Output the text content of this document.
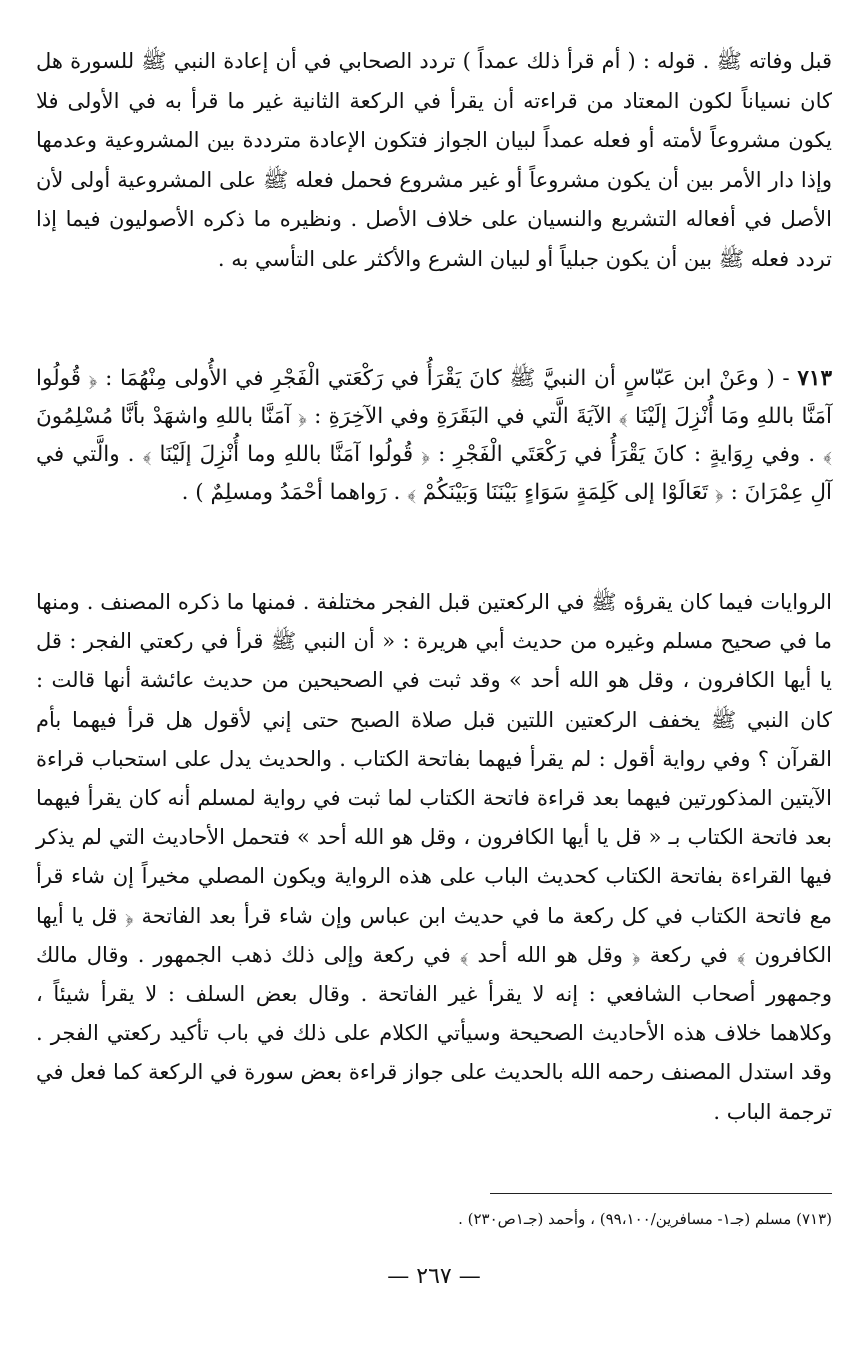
قبل وفاته ﷺ . قوله : ( أم قرأ ذلك عمداً ) تردد الصحابي في أن إعادة النبي ﷺ للسورة هل كان نسياناً لكون المعتاد من قراءته أن يقرأ في الركعة الثانية غير ما قرأ به في الأولى فلا يكون مشروعاً لأمته أو فعله عمداً لبيان الجواز فتكون الإعادة مترددة بين المشروعية وعدمها وإذا دار الأمر بين أن يكون مشروعاً أو غير مشروع فحمل فعله ﷺ على المشروعية أولى لأن الأصل في أفعاله التشريع والنسيان على خلاف الأصل . ونظيره ما ذكره الأصوليون فيما إذا تردد فعله ﷺ بين أن يكون جبلياً أو لبيان الشرع والأكثر على التأسي به .

٧١٣ - ( وعَنْ ابن عَبّاسٍ أن النبيَّ ﷺ كانَ يَقْرَأُ في رَكْعَتي الْفَجْرِ في الأُولى مِنْهُمَا : ﴿ قُولُوا آمَنَّا باللهِ ومَا أُنْزِلَ إلَيْنَا ﴾ الآيَةَ الَّتي في البَقَرَةِ وفي الآخِرَةِ : ﴿ آمَنَّا باللهِ واشهَدْ بأنَّا مُسْلِمُونَ ﴾ . وفي رِوَايةٍ : كانَ يَقْرَأُ في رَكْعَتَي الْفَجْرِ : ﴿ قُولُوا آمَنَّا باللهِ وما أُنْزِلَ إلَيْنَا ﴾ . والَّتي في آلِ عِمْرَانَ : ﴿ تَعَالَوْا إلى كَلِمَةٍ سَوَاءٍ بَيْنَنَا وَبَيْنَكُمْ ﴾ . رَواهما أحْمَدُ ومسلِمٌ ) .

الروايات فيما كان يقرؤه ﷺ في الركعتين قبل الفجر مختلفة . فمنها ما ذكره المصنف . ومنها ما في صحيح مسلم وغيره من حديث أبي هريرة : « أن النبي ﷺ قرأ في ركعتي الفجر : قل يا أيها الكافرون ، وقل هو الله أحد » وقد ثبت في الصحيحين من حديث عائشة أنها قالت : كان النبي ﷺ يخفف الركعتين اللتين قبل صلاة الصبح حتى إني لأقول هل قرأ فيهما بأم القرآن ؟ وفي رواية أقول : لم يقرأ فيهما بفاتحة الكتاب . والحديث يدل على استحباب قراءة الآيتين المذكورتين فيهما بعد قراءة فاتحة الكتاب لما ثبت في رواية لمسلم أنه كان يقرأ فيهما بعد فاتحة الكتاب بـ « قل يا أيها الكافرون ، وقل هو الله أحد » فتحمل الأحاديث التي لم يذكر فيها القراءة بفاتحة الكتاب كحديث الباب على هذه الرواية ويكون المصلي مخيراً إن شاء قرأ مع فاتحة الكتاب في كل ركعة ما في حديث ابن عباس وإن شاء قرأ بعد الفاتحة ﴿ قل يا أيها الكافرون ﴾ في ركعة ﴿ وقل هو الله أحد ﴾ في ركعة وإلى ذلك ذهب الجمهور . وقال مالك وجمهور أصحاب الشافعي : إنه لا يقرأ غير الفاتحة . وقال بعض السلف : لا يقرأ شيئاً ، وكلاهما خلاف هذه الأحاديث الصحيحة وسيأتي الكلام على ذلك في باب تأكيد ركعتي الفجر . وقد استدل المصنف رحمه الله بالحديث على جواز قراءة بعض سورة في الركعة كما فعل في ترجمة الباب .

(٧١٣) مسلم (جـ١- مسافرين/٩٩،١٠٠) ، وأحمد (جـ١ص٢٣٠) .

— ٢٦٧ —
